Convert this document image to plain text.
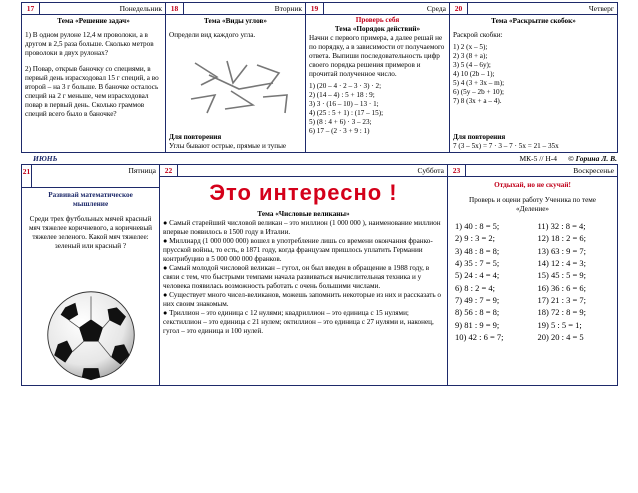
17	Понедельник
Тема «Решение задач»

1) В одном рулоне 12,4 м проволоки, а в другом в 2,5 раза больше. Сколько метров проволоки в двух рулонах?

2) Повар, открыв баночку со специями, в первый день израсходовал 15 г специй, а во второй – на 3 г больше. В баночке осталось специй на 2 г меньше, чем израсходовал повар в первый день. Сколько граммов специй всего было в баночке?

18	Вторник
Тема «Виды углов»

Определи вид каждого угла.

Для повторения
Углы бывают острые, прямые и тупые
19	Среда
Проверь себя
Тема «Порядок действий»

Начни с первого примера, а далее решай не по порядку, а в зависимости от получаемого ответа. Выпиши последовательность цифр своего порядка решения примеров и прочитай полученное число.

1) (20 – 4 · 2 – 3 · 3) · 2;
2) (14 – 4) : 5 + 18 : 9;
3) 3 · (16 – 10) – 13 · 1;
4) (25 : 5 + 1) : (17 – 15);
5) (8 : 4 + 6) · 3 – 23;
6) 17 – (2 · 3 + 9 : 1)
20	Четверг
Тема «Раскрытие скобок»

Раскрой скобки:

1) 2 (x – 5);
2) 3 (8 + a);
3) 5 (4 – 6y);
4) 10 (2b – 1);
5) 4 (3 + 3x – m);
6) (5y – 2b + 10);
7) 8 (3x + a – 4).
Для повторения
7 (3 – 5x) = 7 · 3 – 7 · 5x = 21 – 35x
ИЮНЬ	МК-5 // Н-4 © Горина Л. В.
21	Пятница
Развивай математическое мышление

Среди трех футбольных мячей красный мяч тяжелее коричневого, а коричневый тяжелее зеленого. Какой мяч тяжелее: зеленый или красный ?

22	Суббота
Это интересно !
Тема «Числовые великаны»

● Самый старейший числовой великан – это миллион (1 000 000 ), наименование миллион впервые появилось в 1500 году в Италии.

● Миллиард (1 000 000 000) вошел в употребление лишь со времени окончания франко-прусской войны, то есть, в 1871 году, когда французам пришлось уплатить Германии контрибуцию в 5 000 000 000 франков.

● Самый молодой числовой великан – гугол, он был введен в обращение в 1988 году, в связи с тем, что быстрыми темпами начала развиваться вычислительная техника и у человека появилась возможность работать с очень большими числами.

● Существует много чисел-великанов, можешь запомнить некоторые из них и рассказать о них своим знакомым.

● Триллион – это единица с 12 нулями; квадриллион – это единица с 15 нулями; секстиллион – это единица с 21 нулем; октиллион – это единица с 27 нулями и, наконец, гугол – это единица и 100 нулей.

23	Воскресенье
Отдыхай, но не скучай!

Проверь и оцени работу Ученика по теме «Деление»

1) 40 : 8 = 5;
2) 9 : 3 = 2;
3) 48 : 8 = 8;
4) 35 : 7 = 5;
5) 24 : 4 = 4;
6) 8 : 2 = 4;
7) 49 : 7 = 9;
8) 56 : 8 = 8;
9) 81 : 9 = 9;
10) 42 : 6 = 7;
11) 32 : 8 = 4;
12) 18 : 2 = 6;
13) 63 : 9 = 7;
14) 12 : 4 = 3;
15) 45 : 5 = 9;
16) 36 : 6 = 6;
17) 21 : 3 = 7;
18) 72 : 8 = 9;
19) 5 : 5 = 1;
20) 20 : 4 = 5
